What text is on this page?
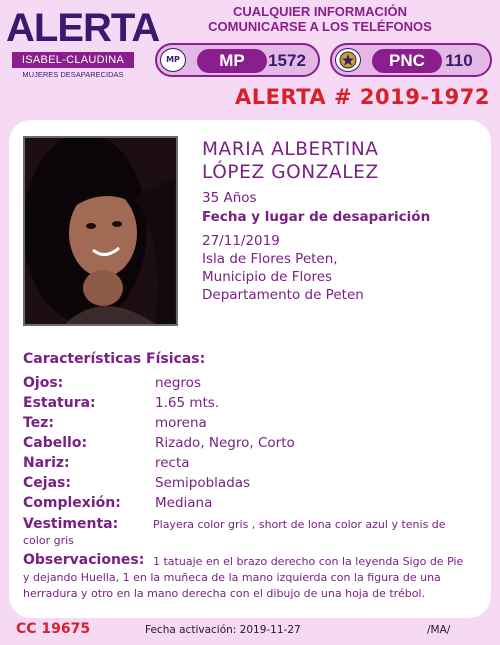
ALERTA
ISABEL-CLAUDINA
MUJERES DESAPARECIDAS
CUALQUIER INFORMACIÓN
COMUNICARSE A LOS TELÉFONOS
MP	MP	1572	PNC	110
ALERTA # 2019-1972
MARIA ALBERTINA
LÓPEZ GONZALEZ
35 Años
Fecha y lugar de desaparición
27/11/2019
Isla de Flores Peten,
Municipio de Flores
Departamento de Peten
Características Físicas:
Ojos:	negros
Estatura:	1.65 mts.
Tez:	morena
Cabello:	Rizado, Negro, Corto
Nariz:	recta
Cejas:	Semipobladas
Complexión:	Mediana
Vestimenta:	Playera color gris , short de lona color azul y tenis de color gris
Observaciones: 1 tatuaje en el brazo derecho con la leyenda Sigo de Pie y dejando Huella, 1 en la muñeca de la mano izquierda con la figura de una herradura y otro en la mano derecha con el dibujo de una hoja de trébol.
CC 19675	Fecha activación: 2019-11-27	/MA/
